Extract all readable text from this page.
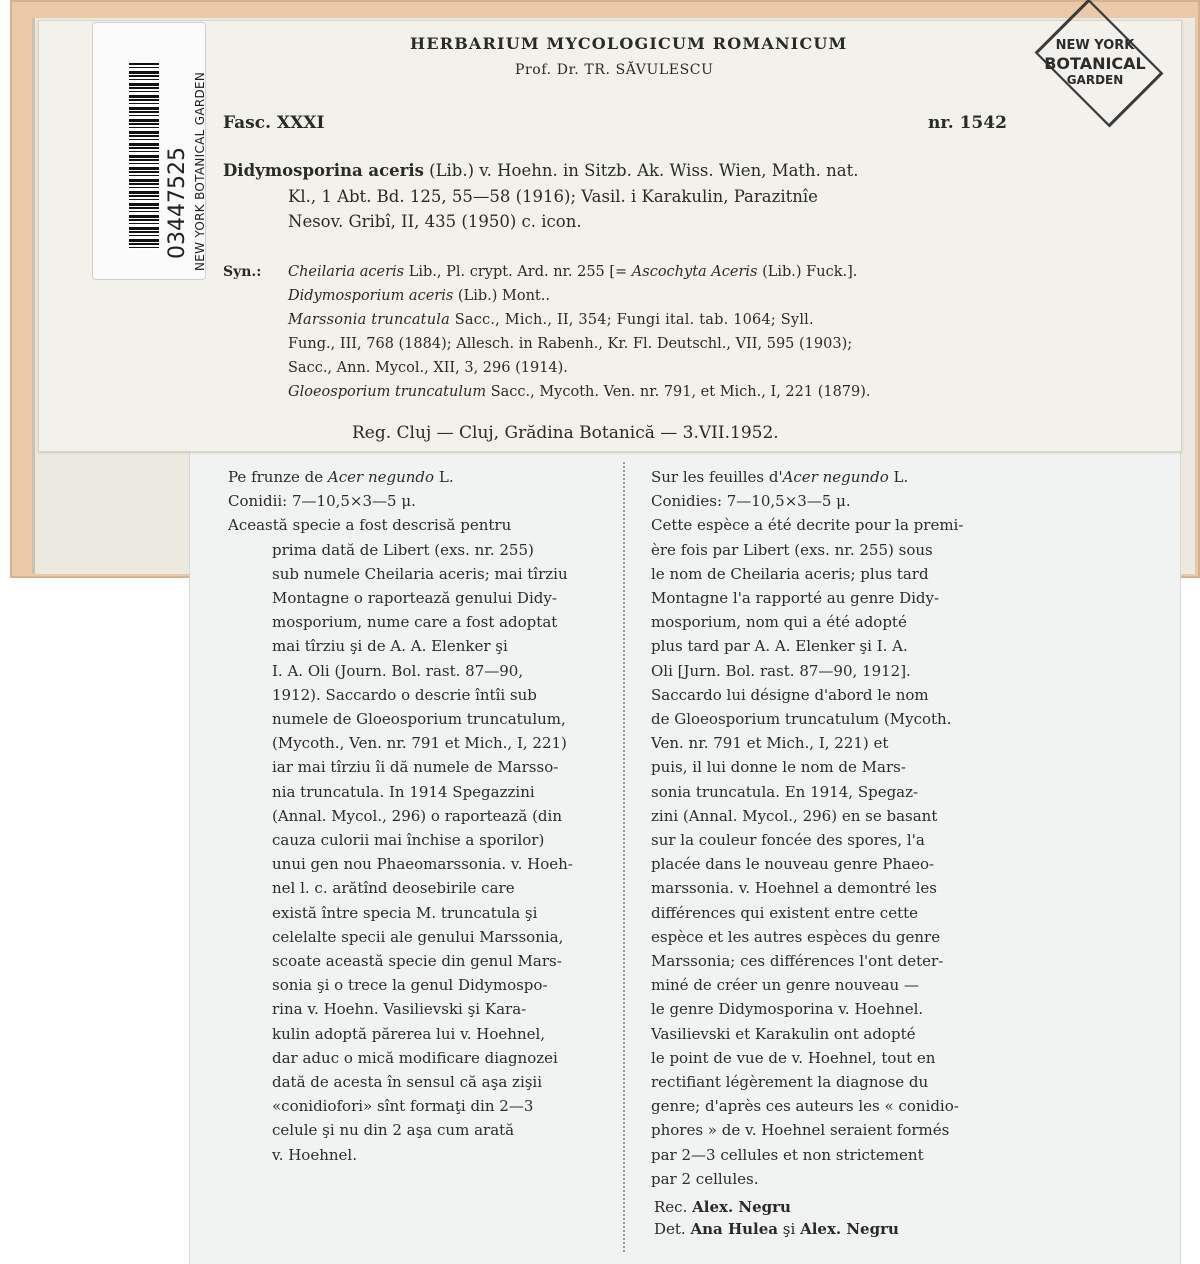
NEW YORK BOTANICAL GARDEN
03447525
NEW YORK
BOTANICAL
GARDEN
HERBARIUM MYCOLOGICUM ROMANICUM
Prof. Dr. TR. SĂVULESCU
Fasc. XXXI	nr. 1542
Didymosporina aceris (Lib.) v. Hoehn. in Sitzb. Ak. Wiss. Wien, Math. nat.
Kl., 1 Abt. Bd. 125, 55—58 (1916); Vasil. i Karakulin, Parazitnîe
Nesov. Gribî, II, 435 (1950) c. icon.
Syn.: Cheilaria aceris Lib., Pl. crypt. Ard. nr. 255 [= Ascochyta Aceris (Lib.) Fuck.].
Didymosporium aceris (Lib.) Mont..
Marssonia truncatula Sacc., Mich., II, 354; Fungi ital. tab. 1064; Syll.
Fung., III, 768 (1884); Allesch. in Rabenh., Kr. Fl. Deutschl., VII, 595 (1903);
Sacc., Ann. Mycol., XII, 3, 296 (1914).
Gloeosporium truncatulum Sacc., Mycoth. Ven. nr. 791, et Mich., I, 221 (1879).
Reg. Cluj — Cluj, Grădina Botanică — 3.VII.1952.
Pe frunze de Acer negundo L.
Conidii: 7—10,5×3—5 μ.
Această specie a fost descrisă pentru
prima dată de Libert (exs. nr. 255)
sub numele Cheilaria aceris; mai tîrziu
Montagne o raportează genului Didy-
mosporium, nume care a fost adoptat
mai tîrziu şi de A. A. Elenker şi
I. A. Oli (Journ. Bol. rast. 87—90,
1912). Saccardo o descrie întîi sub
numele de Gloeosporium truncatulum,
(Mycoth., Ven. nr. 791 et Mich., I, 221)
iar mai tîrziu îi dă numele de Marsso-
nia truncatula. In 1914 Spegazzini
(Annal. Mycol., 296) o raportează (din
cauza culorii mai închise a sporilor)
unui gen nou Phaeomarssonia. v. Hoeh-
nel l. c. arătînd deosebirile care
există între specia M. truncatula şi
celelalte specii ale genului Marssonia,
scoate această specie din genul Mars-
sonia şi o trece la genul Didymospo-
rina v. Hoehn. Vasilievski şi Kara-
kulin adoptă părerea lui v. Hoehnel,
dar aduc o mică modificare diagnozei
dată de acesta în sensul că aşa zişii
«conidiofori» sînt formaţi din 2—3
celule şi nu din 2 aşa cum arată
v. Hoehnel.
Sur les feuilles d'Acer negundo L.
Conidies: 7—10,5×3—5 μ.
Cette espèce a été decrite pour la premi-
ère fois par Libert (exs. nr. 255) sous
le nom de Cheilaria aceris; plus tard
Montagne l'a rapporté au genre Didy-
mosporium, nom qui a été adopté
plus tard par A. A. Elenker şi I. A.
Oli [Jurn. Bol. rast. 87—90, 1912].
Saccardo lui désigne d'abord le nom
de Gloeosporium truncatulum (Mycoth.
Ven. nr. 791 et Mich., I, 221) et
puis, il lui donne le nom de Mars-
sonia truncatula. En 1914, Spegaz-
zini (Annal. Mycol., 296) en se basant
sur la couleur foncée des spores, l'a
placée dans le nouveau genre Phaeo-
marssonia. v. Hoehnel a demontré les
différences qui existent entre cette
espèce et les autres espèces du genre
Marssonia; ces différences l'ont deter-
miné de créer un genre nouveau —
le genre Didymosporina v. Hoehnel.
Vasilievski et Karakulin ont adopté
le point de vue de v. Hoehnel, tout en
rectifiant légèrement la diagnose du
genre; d'après ces auteurs les « conidio-
phores » de v. Hoehnel seraient formés
par 2—3 cellules et non strictement
par 2 cellules.
Rec. Alex. Negru
Det. Ana Hulea şi Alex. Negru
